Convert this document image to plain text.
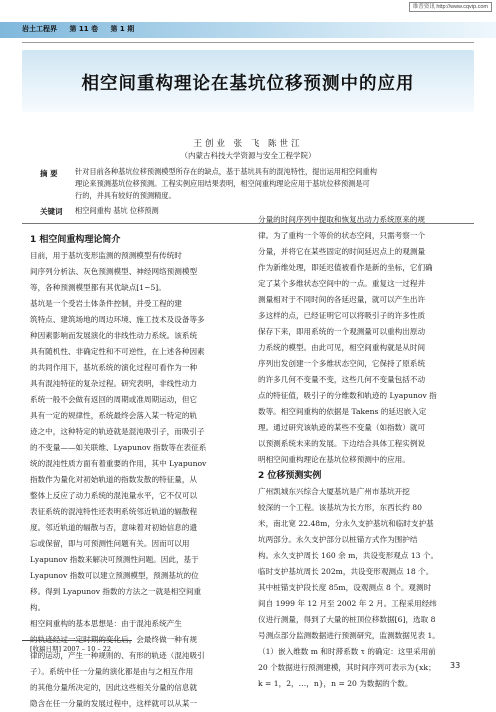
维普资讯 http://www.cqvip.com
岩土工程界 第 11 卷 第 1 期
相空间重构理论在基坑位移预测中的应用
王创业 张 飞 陈世江
（内蒙古科技大学资源与安全工程学院）
摘 要 针对目前各种基坑位移预测模型所存在的缺点，基于基坑具有的混沌特性，提出运用相空间重构
理论来预测基坑位移预测。工程实例应用结果表明，相空间重构理论应用于基坑位移预测是可
行的，并具有较好的预测精度。
关键词 相空间重构 基坑 位移预测
1 相空间重构理论简介

目前，用于基坑变形监测的预测模型有传统时

间序列分析法、灰色预测模型、神经网络预测模型

等，各种预测模型都有其优缺点[1~5]。

基坑是一个受岩土体条件控制，并受工程的建

筑特点、建筑场地的周边环境、施工技术及设备等多

种因素影响而发展演化的非线性动力系统。该系统

具有随机性、非确定性和不可逆性，在上述各种因素

的共同作用下，基坑系统的演化过程可看作为一种

具有混沌特征的复杂过程。研究表明，非线性动力

系统一般不会做有返回的周期或准周期运动，但它

具有一定的规律性，系统最终会落入某一特定的轨

迹之中，这种特定的轨迹就是混沌吸引子，而吸引子

的不变量——如关联维、Lyapunov 指数等在表征系

统的混沌性质方面有着重要的作用，其中 Lyapunov

指数作为量化对初始轨道的指数发散的特征量，从

整体上反应了动力系统的混沌量水平，它不仅可以

表征系统的混沌特性还表明系统邻近轨道的辐散程

度。邻近轨道的辐散与否，意味着对初始信息的遗

忘或保留，即与可预测性问题有关。因而可以用

Lyapunov 指数来解决可预测性问题。因此，基于

Lyapunov 指数可以建立预测模型，预测基坑的位

移。得到 Lyapunov 指数的方法之一就是相空间重

构。

相空间重构的基本思想是：由于混沌系统产生

的轨迹经过一定时期的变化后，会最终做一种有规

律的运动，产生一种规则的、有形的轨迹（混沌吸引

子）。系统中任一分量的演化都是由与之相互作用

的其他分量所决定的，因此这些相关分量的信息就

隐含在任一分量的发展过程中，这样就可以从某一

分量的时间序列中提取和恢复出动力系统原来的规

律。为了重构一个等价的状态空间，只需考察一个

分量，并将它在某些固定的时间延迟点上的观测量

作为新维处理，即延迟值被看作是新的坐标，它们确

定了某个多维状态空间中的一点。重复这一过程并

测量相对于不同时间的各延迟量，就可以产生出许

多这样的点，已经证明它可以将吸引子的许多性质

保存下来，即用系统的一个观测量可以重构出原动

力系统的模型。由此可见，相空间重构就是从时间

序列出发创建一个多维状态空间，它保持了原系统

的许多几何不变量不变，这些几何不变量包括不动

点的特征值，吸引子的分维数和轨迹的 Lyapunov 指

数等。相空间重构的依据是 Takens 的延迟嵌入定

理。通过研究该轨迹的某些不变量（如指数）就可

以预测系统未来的发展。下边结合具体工程实例说

明相空间重构理论在基坑位移预测中的应用。

2 位移预测实例

广州凯城东兴综合大厦基坑是广州市基坑开挖

较深的一个工程。该基坑为长方形，东西长约 80

米，南北宽 22.48m，分永久支护基坑和临时支护基

坑两部分。永久支护部分以桩锚方式作为围护结

构。永久支护周长 160 余 m，共设变形观点 13 个。

临时支护基坑周长 202m，共设变形观测点 18 个。

其中桩锚支护段长度 85m，设观测点 8 个。观测时

间自 1999 年 12 月至 2002 年 2 月。工程采用经纬

仪进行测量，得到了大量的桩顶位移数据[6]，选取 8

号测点部分监测数据进行预测研究，监测数据见表 1。

（1）嵌入维数 m 和时滞系数 τ 的确定：这里采用前

20 个数据进行预测建模，其时间序列可表示为{xk；

k = 1，2，…，n}，n = 20 为数据的个数。

[收稿日期] 2007 – 10 – 22
33
